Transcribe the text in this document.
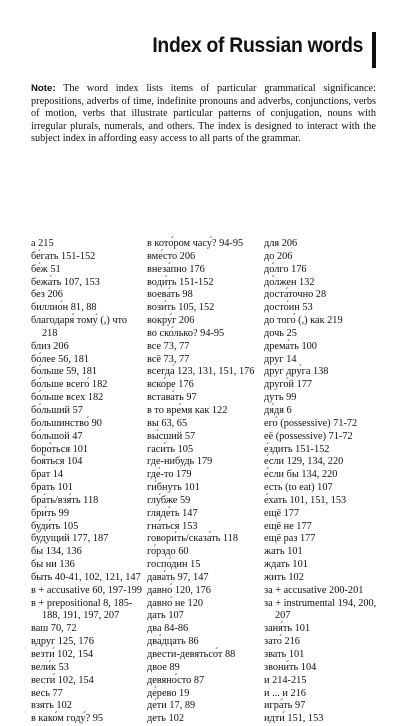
Index of Russian words
Note: The word index lists items of particular grammatical significance: prepositions, adverbs of time, indefinite pronouns and adverbs, conjunctions, verbs of motion, verbs that illustrate particular patterns of conjugation, nouns with irregular plurals, numerals, and others. The index is designed to interact with the subject index in affording easy access to all parts of the grammar.

а 215

бе́гать 151-152

бе́ж 51

бежа́ть 107, 153

без 206

биллио́н 81, 88

благодаря́ тому́ (,) что 218

близ 206

бо́лее 56, 181

бо́льше 59, 181

бо́льше всего́ 182

бо́льше всех 182

бо́льший 57

большинство́ 90

бо́льшой 47

боро́ться 101

боя́ться 104

брат 14

брать 101

бра́ть/взя́ть 118

бри́ть 99

буди́ть 105

бу́дущий 177, 187

бы 134, 136

бы ни 136

быть 40-41, 102, 121, 147

в + accusative 60, 197-199

в + prepositional 8, 185-188, 191, 197, 207

ваш 70, 72

вдруг 125, 176

везти́ 102, 154

вели́к 53

вести́ 102, 154

весь 77

взять 102

в како́м году́? 95

в кото́ром часу́? 94-95

вме́сто 206

внеза́пно 176

води́ть 151-152

воева́ть 98

вози́ть 105, 152

вокру́г 206

во ско́лько? 94-95

все 73, 77

всё 73, 77

всегда́ 123, 131, 151, 176

вско́ре 176

встава́ть 97

в то вре́мя как 122

вы 63, 65

вы́сший 57

гаси́ть 105

где-нибудь 179

где́-то 179

ги́бнуть 101

глу́бже 59

гляде́ть 147

гна́ться 153

говори́ть/сказа́ть 118

го́рздо 60

госпо́дин 15

дава́ть 97, 147

давно́ 120, 176

давно́ не 120

дать 107

два 84-86

два́дцать 86

двести-девятьсо́т 88

двое 89

девяно́сто 87

де́рево 19

де́ти 17, 89

деть 102

для 206

до 206

до́лго 176

до́лжен 132

доста́точно 28

досто́ин 53

до того́ (,) как 219

дочь 25

дрема́ть 100

друг 14

друг дру́га 138

друго́й 177

дуть 99

дя́дя 6

его́ (possessive) 71-72

её (possessive) 71-72

е́здить 151-152

е́сли 129, 134, 220

е́сли бы 134, 220

есть (to eat) 107

е́хать 101, 151, 153

ещё 177

ещё не 177

ещё раз 177

жать 101

ждать 101

жить 102

за + accusative 200-201

за + instrumental 194, 200, 207

заня́ть 101

зато́ 216

звать 101

звони́ть 104

и 214-215

и ... и 216

игра́ть 97

идти́ 151, 153
